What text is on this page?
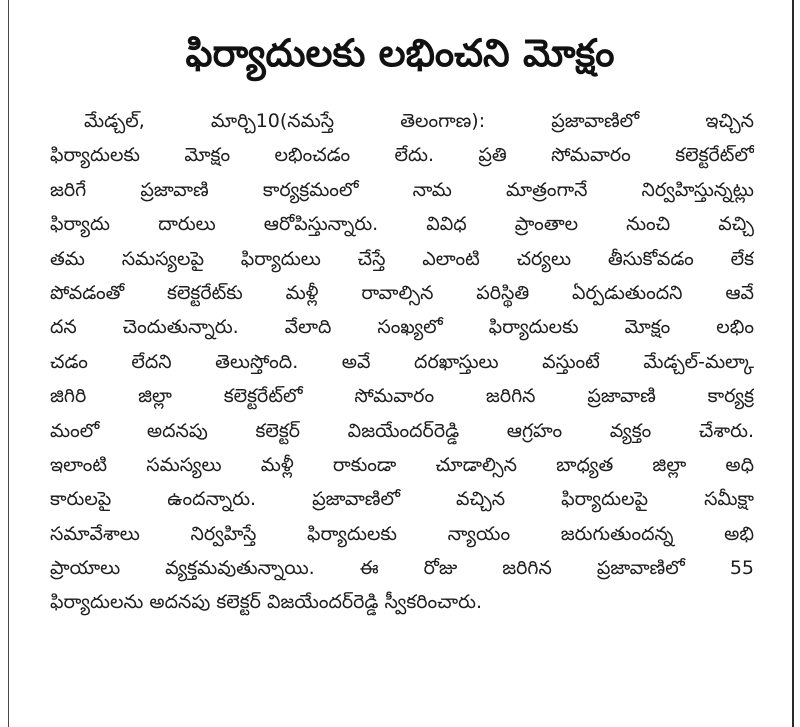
ఫిర్యాదులకు లభించని మోక్షం
మేడ్చల్, మార్చి10(నమస్తే తెలంగాణ): ప్రజావాణిలో ఇచ్చిన
ఫిర్యాదులకు మోక్షం లభించడం లేదు. ప్రతి సోమవారం కలెక్టరేట్‌లో
జరిగే ప్రజావాణి కార్యక్రమంలో నామ మాత్రంగానే నిర్వహిస్తున్నట్లు
ఫిర్యాదు దారులు ఆరోపిస్తున్నారు. వివిధ ప్రాంతాల నుంచి వచ్చి
తమ సమస్యలపై ఫిర్యాదులు చేస్తే ఎలాంటి చర్యలు తీసుకోవడం లేక
పోవడంతో కలెక్టరేట్‌కు మళ్లీ రావాల్సిన పరిస్థితి ఏర్పడుతుందని ఆవే
దన చెందుతున్నారు. వేలాది సంఖ్యలో ఫిర్యాదులకు మోక్షం లభిం
చడం లేదని తెలుస్తోంది. అవే దరఖాస్తులు వస్తుంటే మేడ్చల్-మల్కా
జిగిరి జిల్లా కలెక్టరేట్‌లో సోమవారం జరిగిన ప్రజావాణి కార్యక్ర
మంలో అదనపు కలెక్టర్ విజయేందర్‌రెడ్డి ఆగ్రహం వ్యక్తం చేశారు.
ఇలాంటి సమస్యలు మళ్లీ రాకుండా చూడాల్సిన బాధ్యత జిల్లా అధి
కారులపై ఉందన్నారు. ప్రజావాణిలో వచ్చిన ఫిర్యాదులపై సమీక్షా
సమావేశాలు నిర్వహిస్తే ఫిర్యాదులకు న్యాయం జరుగుతుందన్న అభి
ప్రాయాలు వ్యక్తమవుతున్నాయి. ఈ రోజు జరిగిన ప్రజావాణిలో 55
ఫిర్యాదులను అదనపు కలెక్టర్ విజయేందర్‌రెడ్డి స్వీకరించారు.
